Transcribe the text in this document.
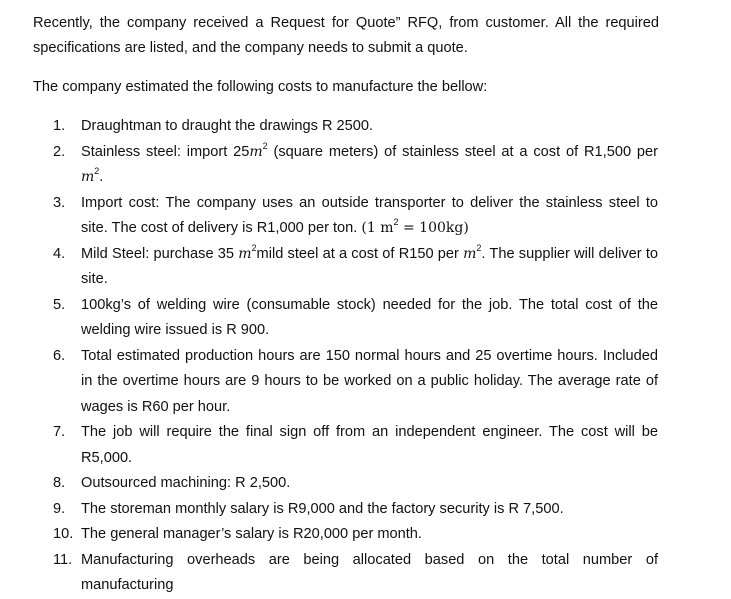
Recently, the company received a Request for Quote” RFQ, from customer. All the required specifications are listed, and the company needs to submit a quote.
The company estimated the following costs to manufacture the bellow:
1.	Draughtman to draught the drawings R 2500.
2.	Stainless steel: import $25m^2$ (square meters) of stainless steel at a cost of R1,500 per $m^2$.
3.	Import cost: The company uses an outside transporter to deliver the stainless steel to site. The cost of delivery is R1,000 per ton. (1 $m^2 = 100kg$)
4.	Mild Steel: purchase 35 $m^2mild$ steel at a cost of R150 per $m^2$. The supplier will deliver to site.
5.	100kg’s of welding wire (consumable stock) needed for the job. The total cost of the welding wire issued is R 900.
6.	Total estimated production hours are 150 normal hours and 25 overtime hours. Included in the overtime hours are 9 hours to be worked on a public holiday. The average rate of wages is R60 per hour.
7.	The job will require the final sign off from an independent engineer. The cost will be R5,000.
8.	Outsourced machining: R 2,500.
9.	The storeman monthly salary is R9,000 and the factory security is R 7,500.
10. The general manager’s salary is R20,000 per month.
11. Manufacturing overheads are being allocated based on the total number of manufacturing
